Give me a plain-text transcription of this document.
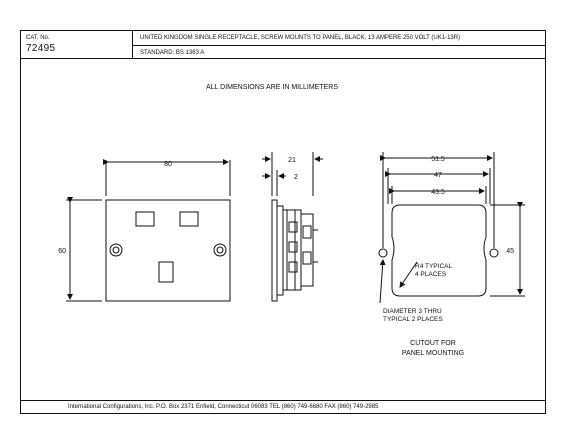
CAT. No.
72495
UNITED KINGDOM SINGLE RECEPTACLE, SCREW MOUNTS TO PANEL, BLACK, 13 AMPERE 250 VOLT (UK1-13R)
STANDARD: BS 1363 A
ALL DIMENSIONS ARE IN MILLIMETERS
International Configurations, Inc. P.O. Box 2371 Enfield, Connecticut 06083 TEL (860) 749-6680 FAX (860) 749-2985
80
60
21
2
51.5
47
43.5
45
R4 TYPICAL
4 PLACES
DIAMETER 3 THRU
TYPICAL 2 PLACES
CUTOUT FOR
PANEL MOUNTING
